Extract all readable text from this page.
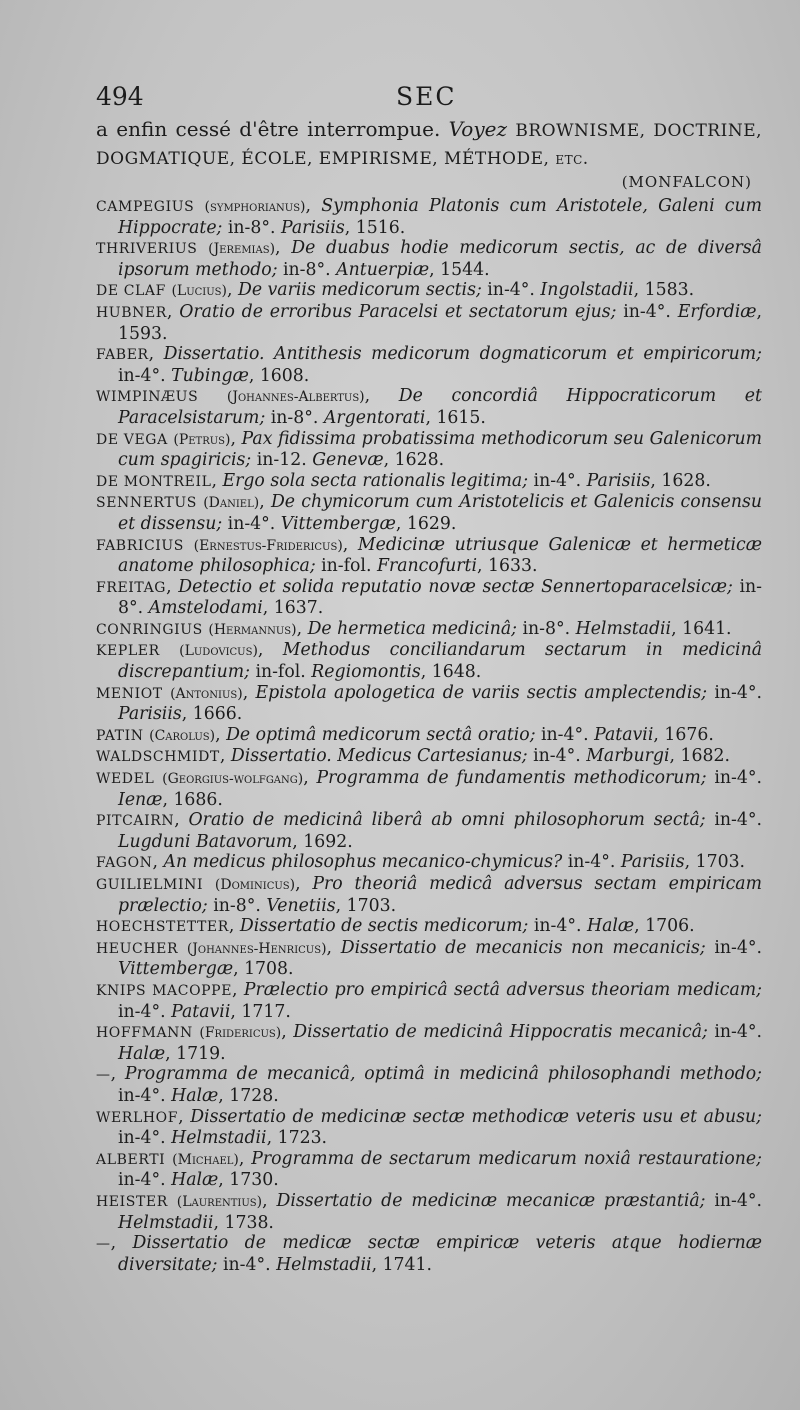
494	SEC

a enfin cessé d'être interrompue. Voyez BROWNISME, DOCTRINE, DOGMATIQUE, ÉCOLE, EMPIRISME, MÉTHODE, etc.

(MONFALCON)
CAMPEGIUS (symphorianus), Symphonia Platonis cum Aristotele, Galeni cum Hippocrate; in-8°. Parisiis, 1516.
THRIVERIUS (Jeremias), De duabus hodie medicorum sectis, ac de diversâ ipsorum methodo; in-8°. Antuerpiæ, 1544.
DE CLAF (Lucius), De variis medicorum sectis; in-4°. Ingolstadii, 1583.
HUBNER, Oratio de erroribus Paracelsi et sectatorum ejus; in-4°. Erfordiæ, 1593.
FABER, Dissertatio. Antithesis medicorum dogmaticorum et empiricorum; in-4°. Tubingæ, 1608.
WIMPINÆUS (Johannes-Albertus), De concordiâ Hippocraticorum et Paracelsistarum; in-8°. Argentorati, 1615.
DE VEGA (Petrus), Pax fidissima probatissima methodicorum seu Galenicorum cum spagiricis; in-12. Genevæ, 1628.
DE MONTREIL, Ergo sola secta rationalis legitima; in-4°. Parisiis, 1628.
SENNERTUS (Daniel), De chymicorum cum Aristotelicis et Galenicis consensu et dissensu; in-4°. Vittembergæ, 1629.
FABRICIUS (Ernestus-Fridericus), Medicinæ utriusque Galenicæ et hermeticæ anatome philosophica; in-fol. Francofurti, 1633.
FREITAG, Detectio et solida reputatio novæ sectæ Sennertoparacelsicæ; in-8°. Amstelodami, 1637.
CONRINGIUS (Hermannus), De hermetica medicinâ; in-8°. Helmstadii, 1641.
KEPLER (Ludovicus), Methodus conciliandarum sectarum in medicinâ discrepantium; in-fol. Regiomontis, 1648.
MENIOT (Antonius), Epistola apologetica de variis sectis amplectendis; in-4°. Parisiis, 1666.
PATIN (Carolus), De optimâ medicorum sectâ oratio; in-4°. Patavii, 1676.
WALDSCHMIDT, Dissertatio. Medicus Cartesianus; in-4°. Marburgi, 1682.
WEDEL (Georgius-wolfgang), Programma de fundamentis methodicorum; in-4°. Ienæ, 1686.
PITCAIRN, Oratio de medicinâ liberâ ab omni philosophorum sectâ; in-4°. Lugduni Batavorum, 1692.
FAGON, An medicus philosophus mecanico-chymicus? in-4°. Parisiis, 1703.
GUILIELMINI (Dominicus), Pro theoriâ medicâ adversus sectam empiricam prælectio; in-8°. Venetiis, 1703.
HOECHSTETTER, Dissertatio de sectis medicorum; in-4°. Halæ, 1706.
HEUCHER (Johannes-Henricus), Dissertatio de mecanicis non mecanicis; in-4°. Vittembergæ, 1708.
KNIPS MACOPPE, Prælectio pro empiricâ sectâ adversus theoriam medicam; in-4°. Patavii, 1717.
HOFFMANN (Fridericus), Dissertatio de medicinâ Hippocratis mecanicâ; in-4°. Halæ, 1719.
—, Programma de mecanicâ, optimâ in medicinâ philosophandi methodo; in-4°. Halæ, 1728.
WERLHOF, Dissertatio de medicinæ sectæ methodicæ veteris usu et abusu; in-4°. Helmstadii, 1723.
ALBERTI (Michael), Programma de sectarum medicarum noxiâ restauratione; in-4°. Halæ, 1730.
HEISTER (Laurentius), Dissertatio de medicinæ mecanicæ præstantiâ; in-4°. Helmstadii, 1738.
—, Dissertatio de medicæ sectæ empiricæ veteris atque hodiernæ diversitate; in-4°. Helmstadii, 1741.
